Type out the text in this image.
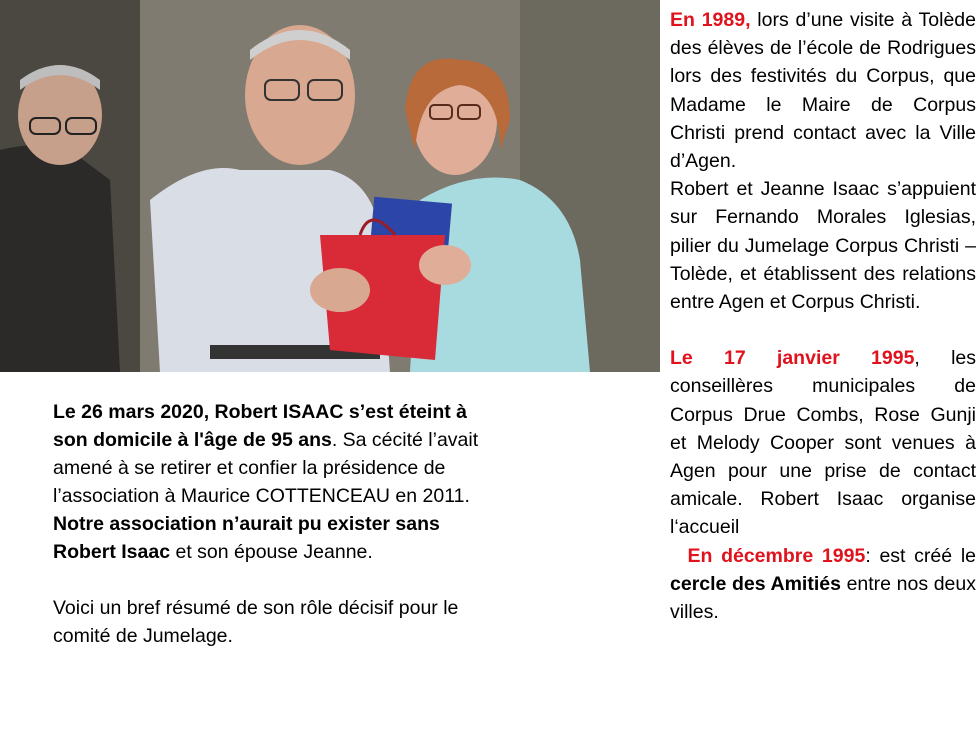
Le 26 mars 2020, Robert ISAAC s’est éteint à son domicile à l'âge de 95 ans. Sa cécité l’avait amené à se retirer et confier la présidence de l’association à Maurice COTTENCEAU en 2011.

Notre association n’aurait pu exister sans Robert Isaac et son épouse Jeanne.

Voici un bref résumé de son rôle décisif pour le comité de Jumelage.

En 1989, lors d’une visite à Tolède des élèves de l’école de Rodrigues lors des festivités du Corpus, que Madame le Maire de Corpus Christi prend contact avec la Ville d’Agen.

Robert et Jeanne Isaac s’appuient sur Fernando Morales Iglesias, pilier du Jumelage Corpus Christi – Tolède, et établissent des relations entre Agen et Corpus Christi.

Le 17 janvier 1995, les conseillères municipales de Corpus Drue Combs, Rose Gunji et Melody Cooper sont venues à Agen pour une prise de contact amicale. Robert Isaac organise l‘accueil

En décembre 1995: est créé le cercle des Amitiés entre nos deux villes.
